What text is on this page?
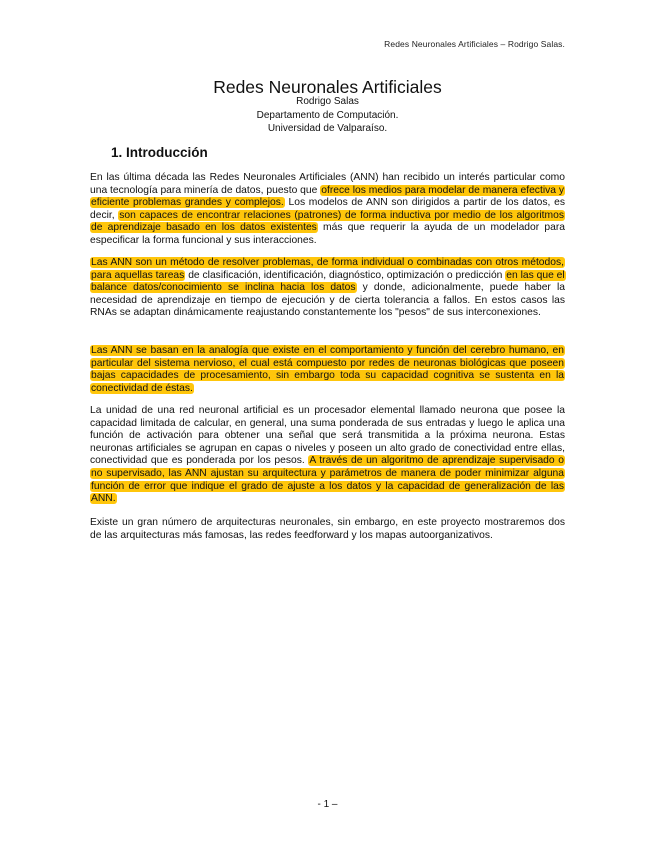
Redes Neuronales Artificiales – Rodrigo Salas.
Redes Neuronales Artificiales
Rodrigo Salas
Departamento de Computación.
Universidad de Valparaíso.
1. Introducción
En las última década las Redes Neuronales Artificiales (ANN) han recibido un interés particular como una tecnología para minería de datos, puesto que ofrece los medios para modelar de manera efectiva y eficiente problemas grandes y complejos. Los modelos de ANN son dirigidos a partir de los datos, es decir, son capaces de encontrar relaciones (patrones) de forma inductiva por medio de los algoritmos de aprendizaje basado en los datos existentes más que requerir la ayuda de un modelador para especificar la forma funcional y sus interacciones.
Las ANN son un método de resolver problemas, de forma individual o combinadas con otros métodos, para aquellas tareas de clasificación, identificación, diagnóstico, optimización o predicción en las que el balance datos/conocimiento se inclina hacia los datos y donde, adicionalmente, puede haber la necesidad de aprendizaje en tiempo de ejecución y de cierta tolerancia a fallos. En estos casos las RNAs se adaptan dinámicamente reajustando constantemente los "pesos" de sus interconexiones.
Las ANN se basan en la analogía que existe en el comportamiento y función del cerebro humano, en particular del sistema nervioso, el cual está compuesto por redes de neuronas biológicas que poseen bajas capacidades de procesamiento, sin embargo toda su capacidad cognitiva se sustenta en la conectividad de éstas.
La unidad de una red neuronal artificial es un procesador elemental llamado neurona que posee la capacidad limitada de calcular, en general, una suma ponderada de sus entradas y luego le aplica una función de activación para obtener una señal que será transmitida a la próxima neurona. Estas neuronas artificiales se agrupan en capas o niveles y poseen un alto grado de conectividad entre ellas, conectividad que es ponderada por los pesos. A través de un algoritmo de aprendizaje supervisado o no supervisado, las ANN ajustan su arquitectura y parámetros de manera de poder minimizar alguna función de error que indique el grado de ajuste a los datos y la capacidad de generalización de las ANN.
Existe un gran número de arquitecturas neuronales, sin embargo, en este proyecto mostraremos dos de las arquitecturas más famosas, las redes feedforward y los mapas autoorganizativos.
- 1 –
